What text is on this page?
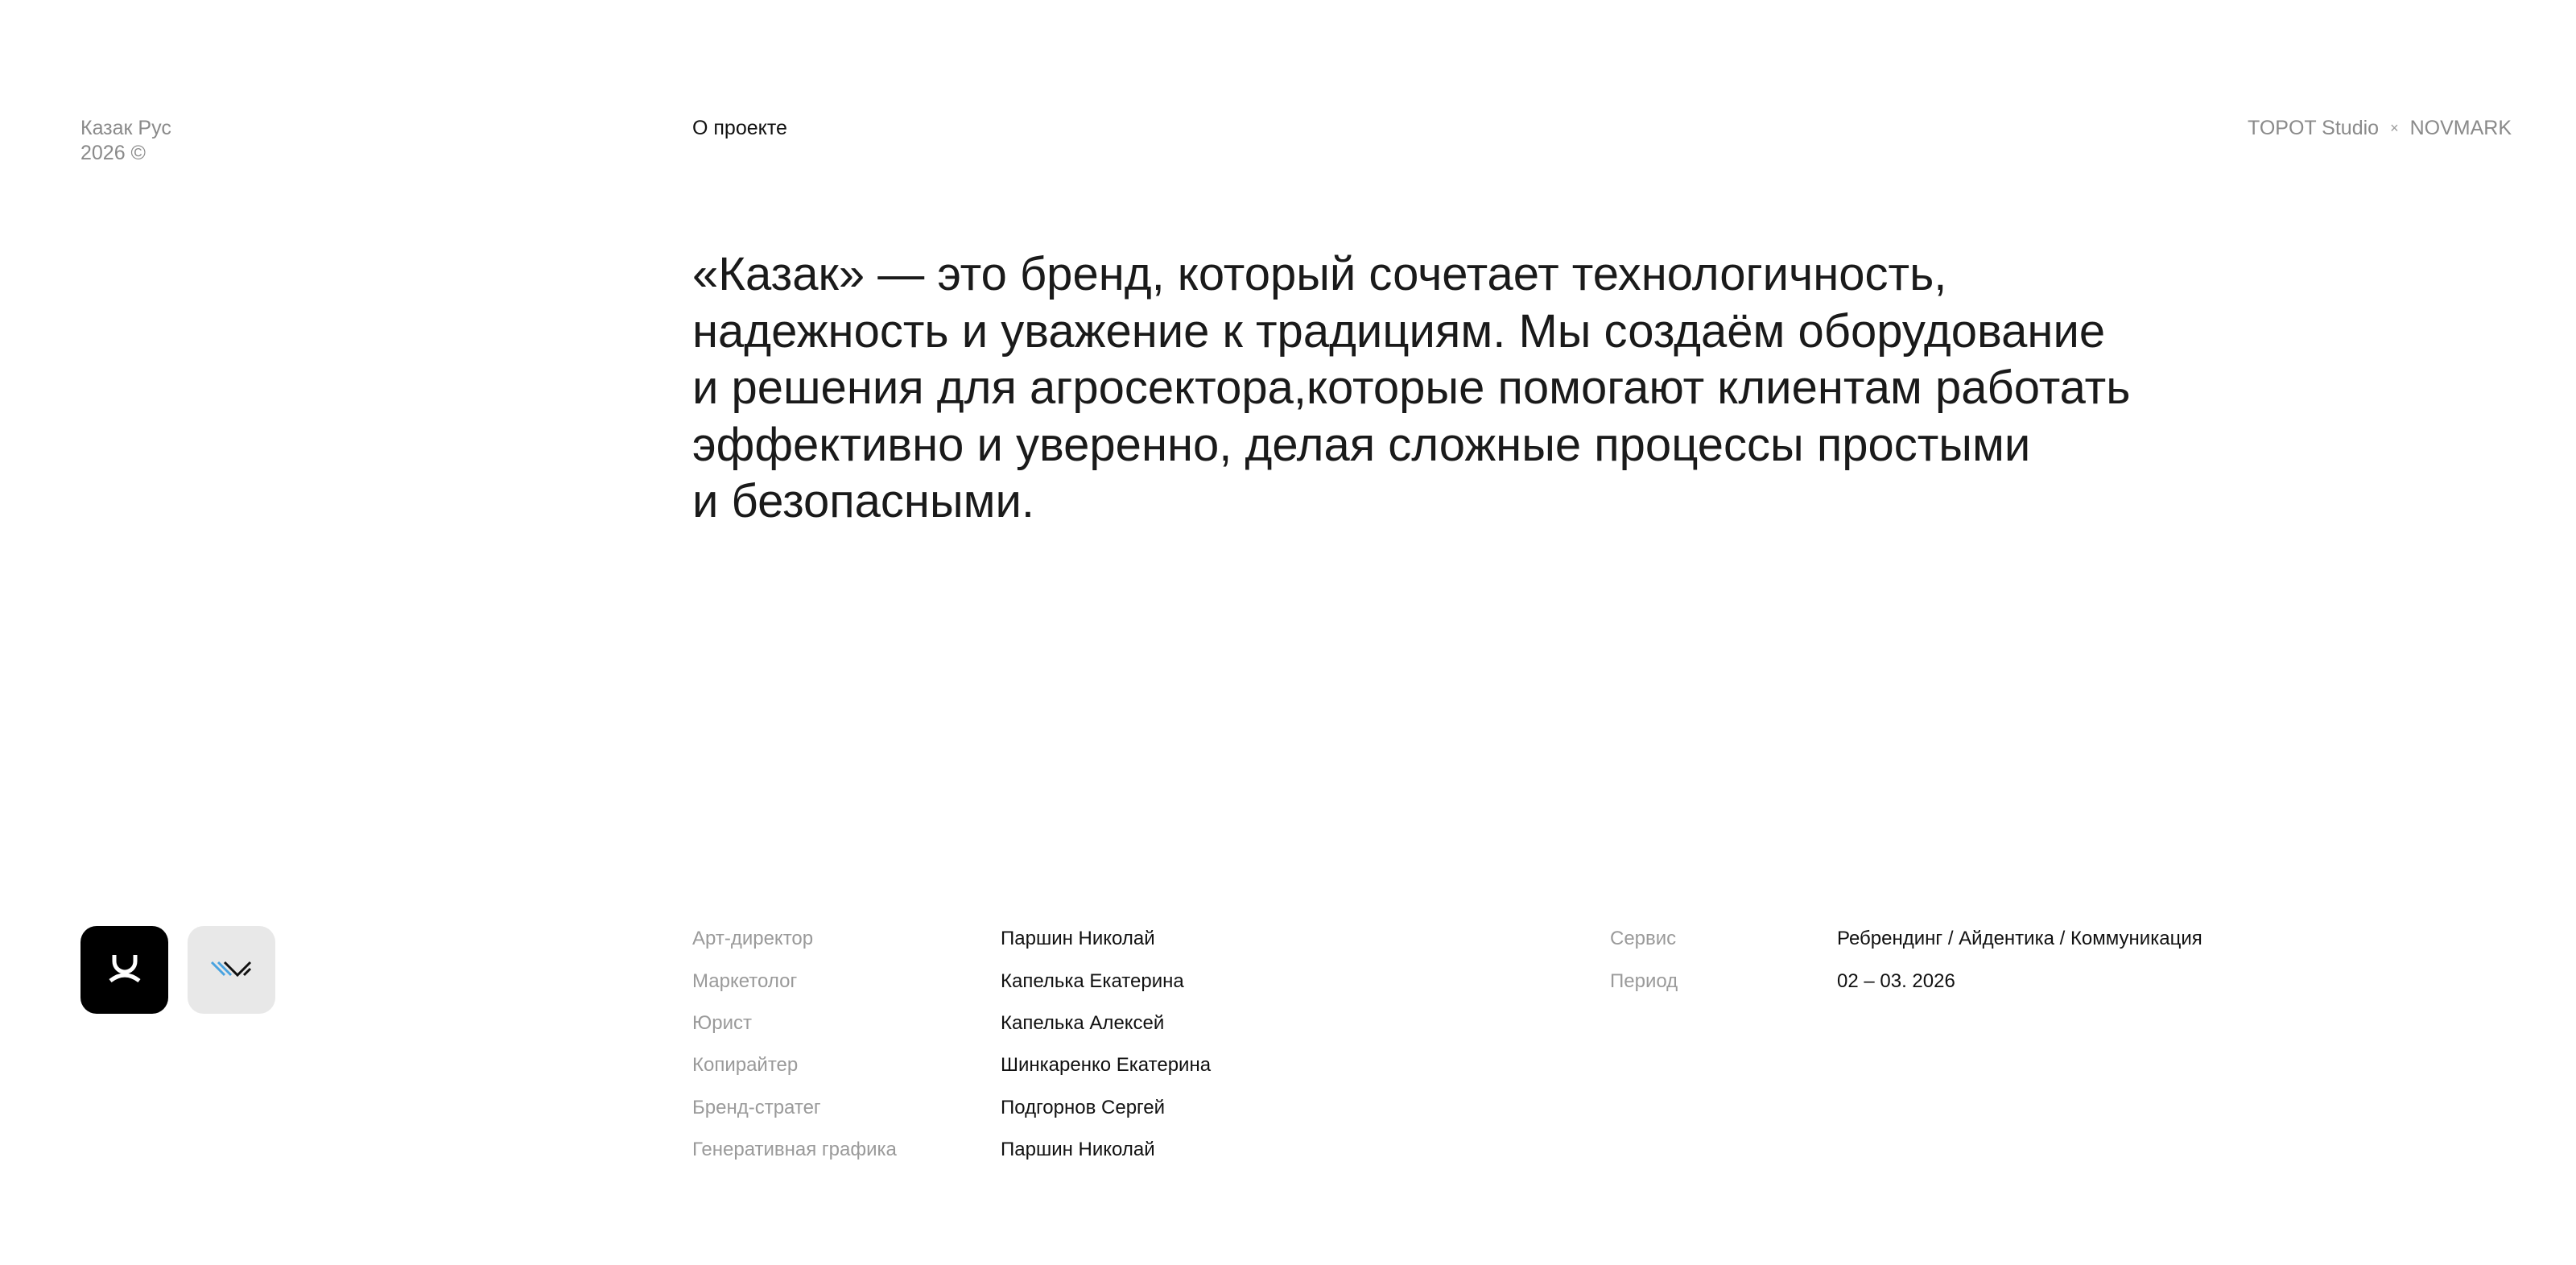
Казак Рус
2026 ©
О проекте	TOPOT Studio × NOVMARK

«Казак» — это бренд, который сочетает технологичность,
надежность и уважение к традициям. Мы создаём оборудование
и решения для агросектора,которые помогают клиентам работать
эффективно и уверенно, делая сложные процессы простыми
и безопасными.

Арт-директор	Паршин Николай
Маркетолог	Капелька Екатерина
Юрист	Капелька Алексей
Копирайтер	Шинкаренко Екатерина
Бренд-стратег	Подгорнов Сергей
Генеративная графика	Паршин Николай
Сервис	Ребрендинг / Айдентика / Коммуникация
Период	02 – 03. 2026
